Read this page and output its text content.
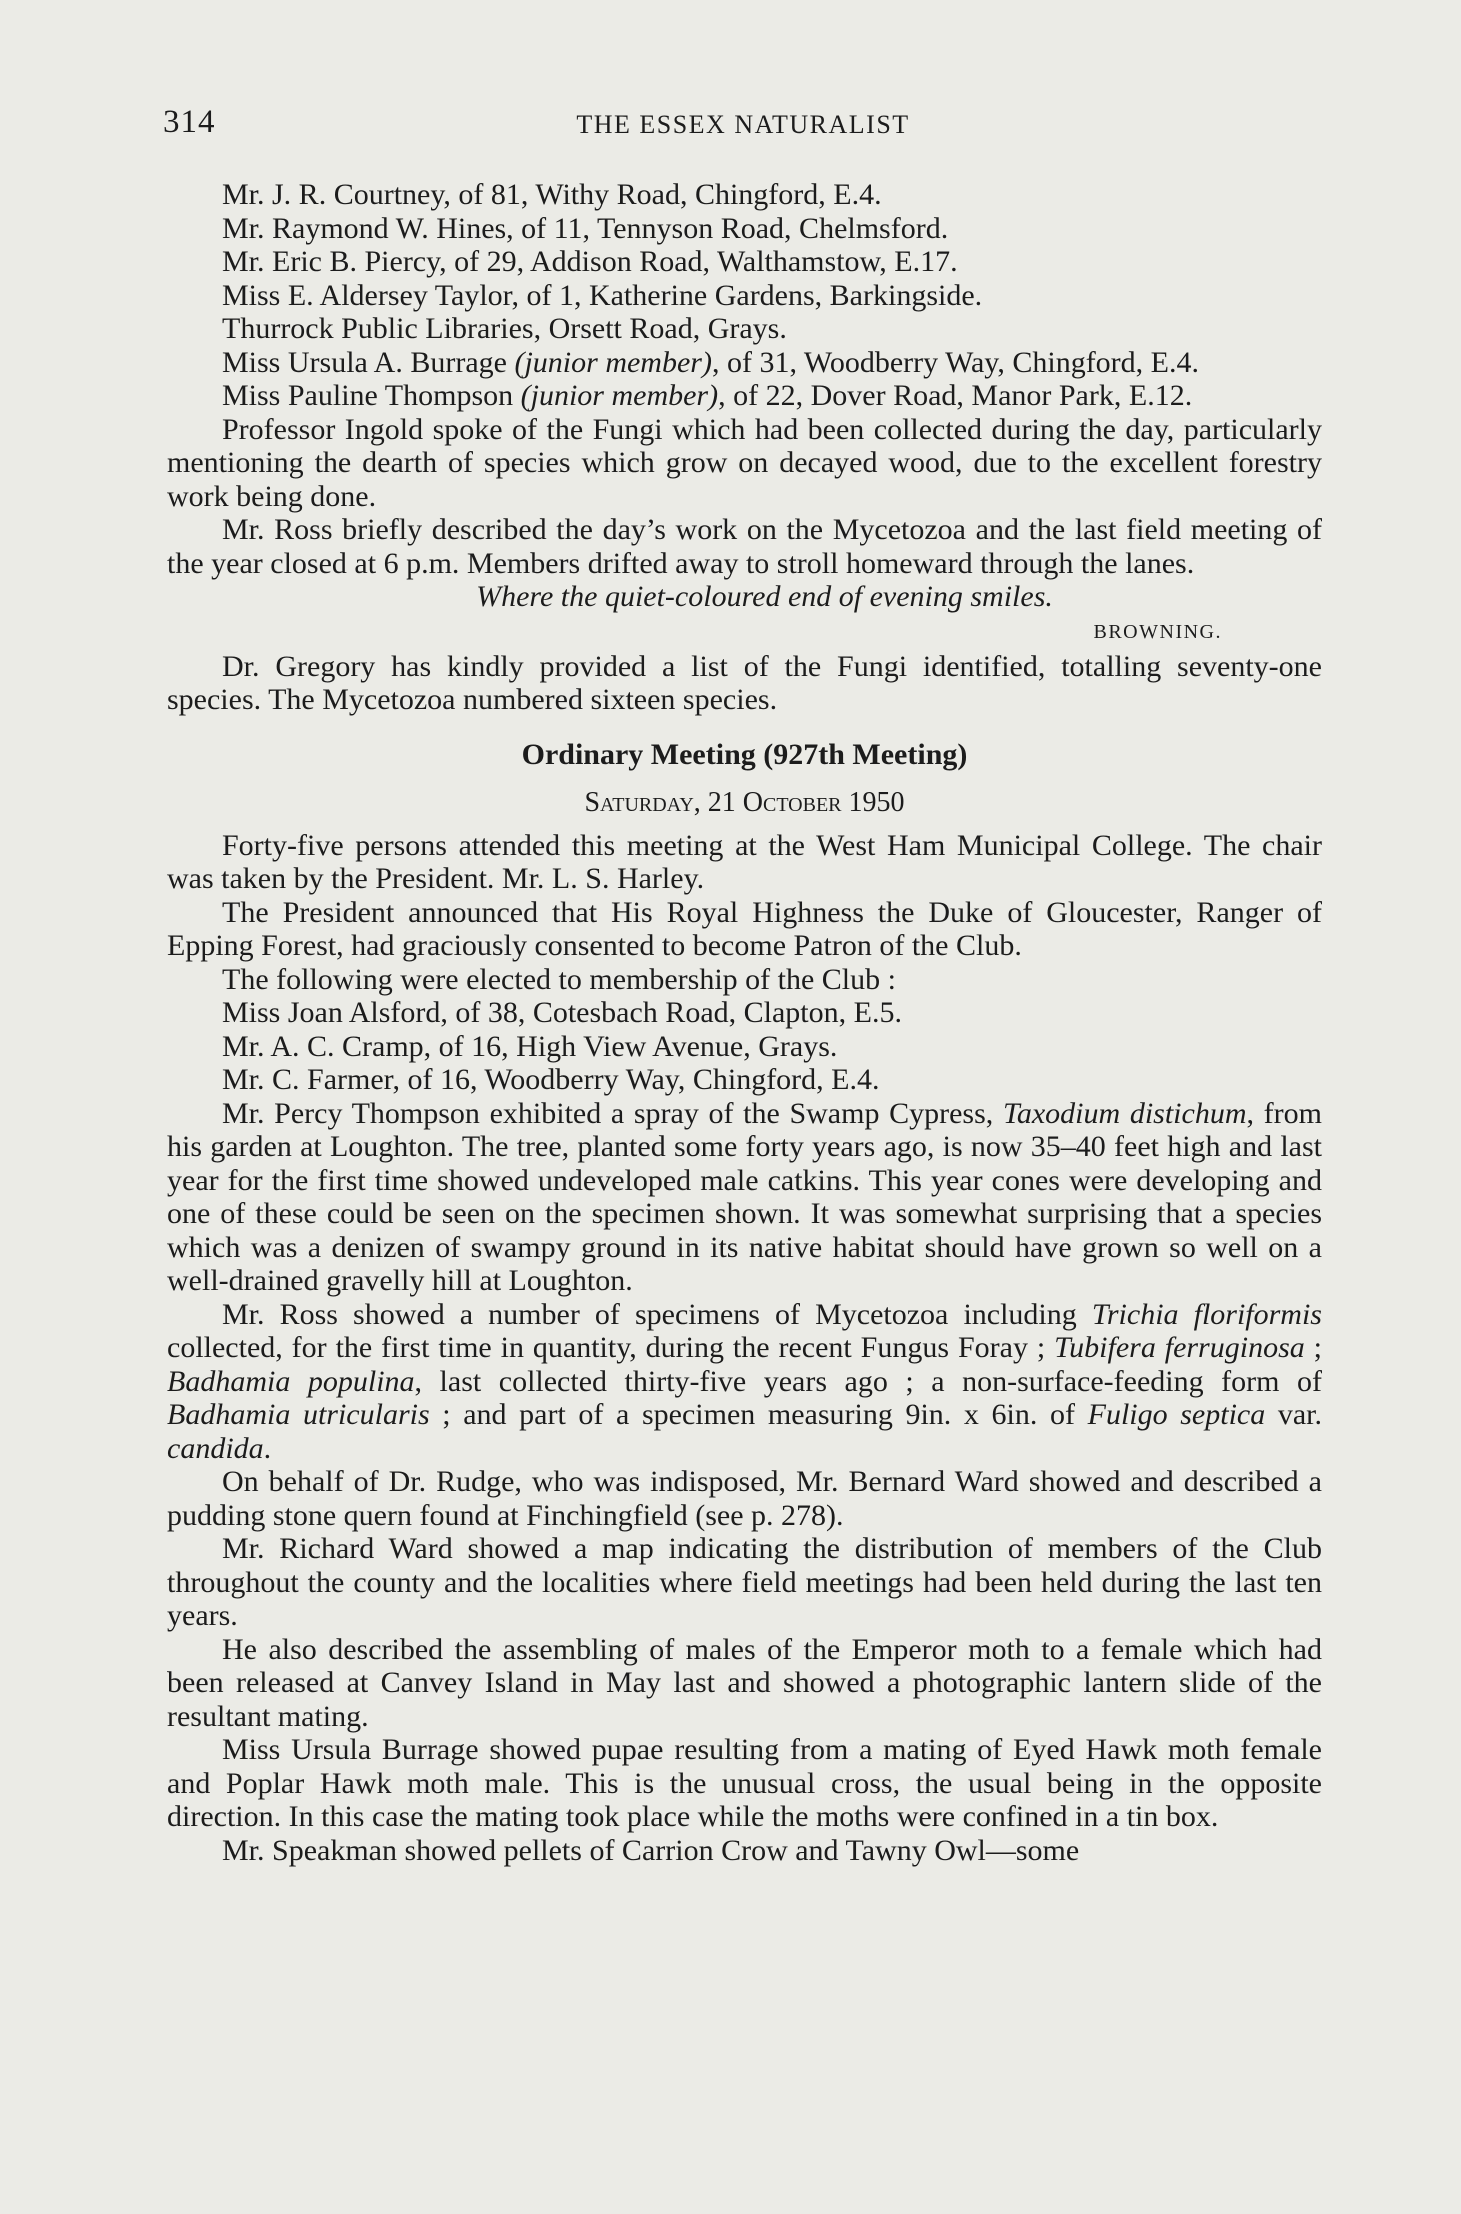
314	THE ESSEX NATURALIST

Mr. J. R. Courtney, of 81, Withy Road, Chingford, E.4.

Mr. Raymond W. Hines, of 11, Tennyson Road, Chelmsford.

Mr. Eric B. Piercy, of 29, Addison Road, Walthamstow, E.17.

Miss E. Aldersey Taylor, of 1, Katherine Gardens, Barkingside.

Thurrock Public Libraries, Orsett Road, Grays.

Miss Ursula A. Burrage (junior member), of 31, Woodberry Way, Chingford, E.4.

Miss Pauline Thompson (junior member), of 22, Dover Road, Manor Park, E.12.

Professor Ingold spoke of the Fungi which had been collected during the day, particularly mentioning the dearth of species which grow on decayed wood, due to the excellent forestry work being done.

Mr. Ross briefly described the day’s work on the Mycetozoa and the last field meeting of the year closed at 6 p.m. Members drifted away to stroll homeward through the lanes.

Where the quiet-coloured end of evening smiles.

BROWNING.

Dr. Gregory has kindly provided a list of the Fungi identified, totalling seventy-one species. The Mycetozoa numbered sixteen species.

Ordinary Meeting (927th Meeting)

Saturday, 21 October 1950

Forty-five persons attended this meeting at the West Ham Municipal College. The chair was taken by the President. Mr. L. S. Harley.

The President announced that His Royal Highness the Duke of Gloucester, Ranger of Epping Forest, had graciously consented to become Patron of the Club.

The following were elected to membership of the Club :

Miss Joan Alsford, of 38, Cotesbach Road, Clapton, E.5.

Mr. A. C. Cramp, of 16, High View Avenue, Grays.

Mr. C. Farmer, of 16, Woodberry Way, Chingford, E.4.

Mr. Percy Thompson exhibited a spray of the Swamp Cypress, Taxodium distichum, from his garden at Loughton. The tree, planted some forty years ago, is now 35–40 feet high and last year for the first time showed undeveloped male catkins. This year cones were developing and one of these could be seen on the specimen shown. It was somewhat surprising that a species which was a denizen of swampy ground in its native habitat should have grown so well on a well-drained gravelly hill at Loughton.

Mr. Ross showed a number of specimens of Mycetozoa including Trichia floriformis collected, for the first time in quantity, during the recent Fungus Foray ; Tubifera ferruginosa ; Badhamia populina, last collected thirty-five years ago ; a non-surface-feeding form of Badhamia utricularis ; and part of a specimen measuring 9in. x 6in. of Fuligo septica var. candida.

On behalf of Dr. Rudge, who was indisposed, Mr. Bernard Ward showed and described a pudding stone quern found at Finchingfield (see p. 278).

Mr. Richard Ward showed a map indicating the distribution of members of the Club throughout the county and the localities where field meetings had been held during the last ten years.

He also described the assembling of males of the Emperor moth to a female which had been released at Canvey Island in May last and showed a photographic lantern slide of the resultant mating.

Miss Ursula Burrage showed pupae resulting from a mating of Eyed Hawk moth female and Poplar Hawk moth male. This is the unusual cross, the usual being in the opposite direction. In this case the mating took place while the moths were confined in a tin box.

Mr. Speakman showed pellets of Carrion Crow and Tawny Owl—some
